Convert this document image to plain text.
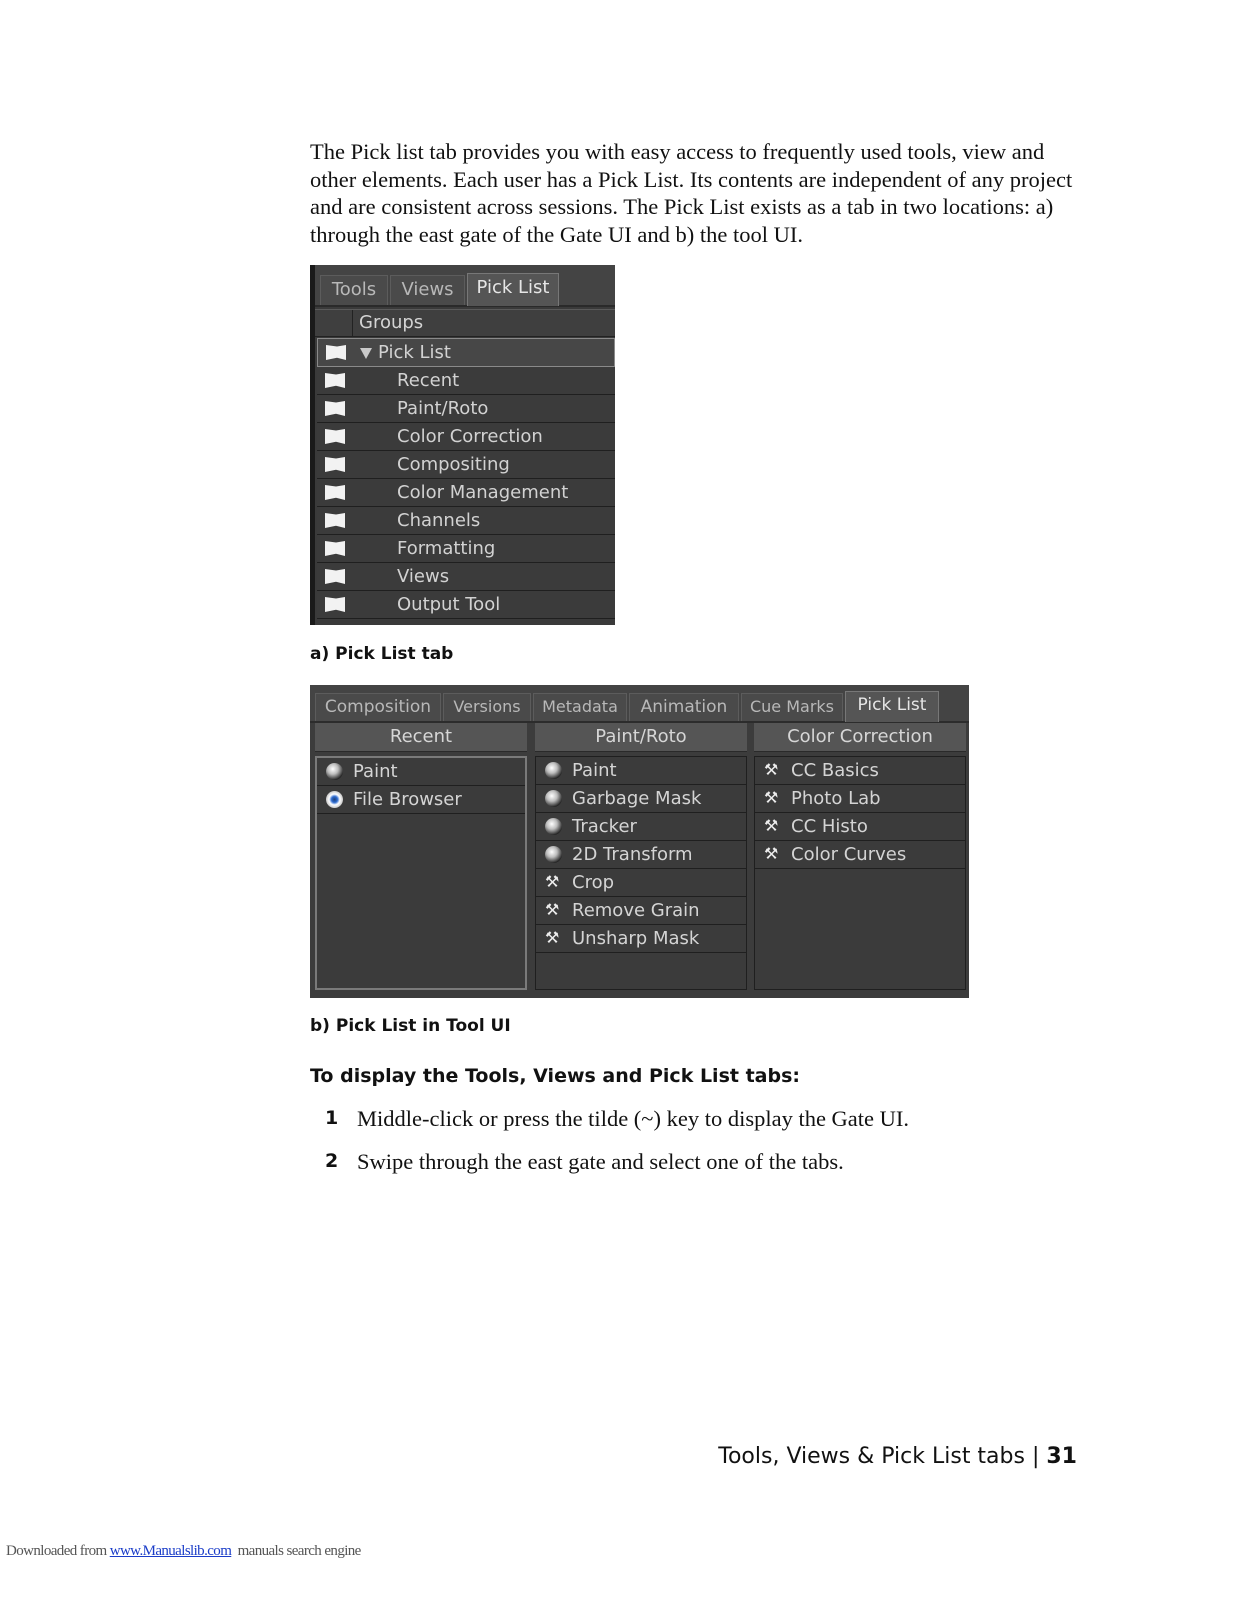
The Pick list tab provides you with easy access to frequently used tools, view and other elements. Each user has a Pick List. Its contents are independent of any project and are consistent across sessions. The Pick List exists as a tab in two locations: a) through the east gate of the Gate UI and b) the tool UI.
Tools	Views	Pick List
Groups
Pick List
Recent
Paint/Roto
Color Correction
Compositing
Color Management
Channels
Formatting
Views
Output Tool
a) Pick List tab
Composition	Versions	Metadata	Animation	Cue Marks	Pick List
Recent
Paint
File Browser
Paint/Roto
Paint
Garbage Mask
Tracker
2D Transform
⚒ Crop
⚒ Remove Grain
⚒ Unsharp Mask
Color Correction
⚒ CC Basics
⚒ Photo Lab
⚒ CC Histo
⚒ Color Curves
b) Pick List in Tool UI
To display the Tools, Views and Pick List tabs:
1 Middle-click or press the tilde (~) key to display the Gate UI.
2 Swipe through the east gate and select one of the tabs.
Tools, Views & Pick List tabs | 31
Downloaded from www.Manualslib.com  manuals search engine
